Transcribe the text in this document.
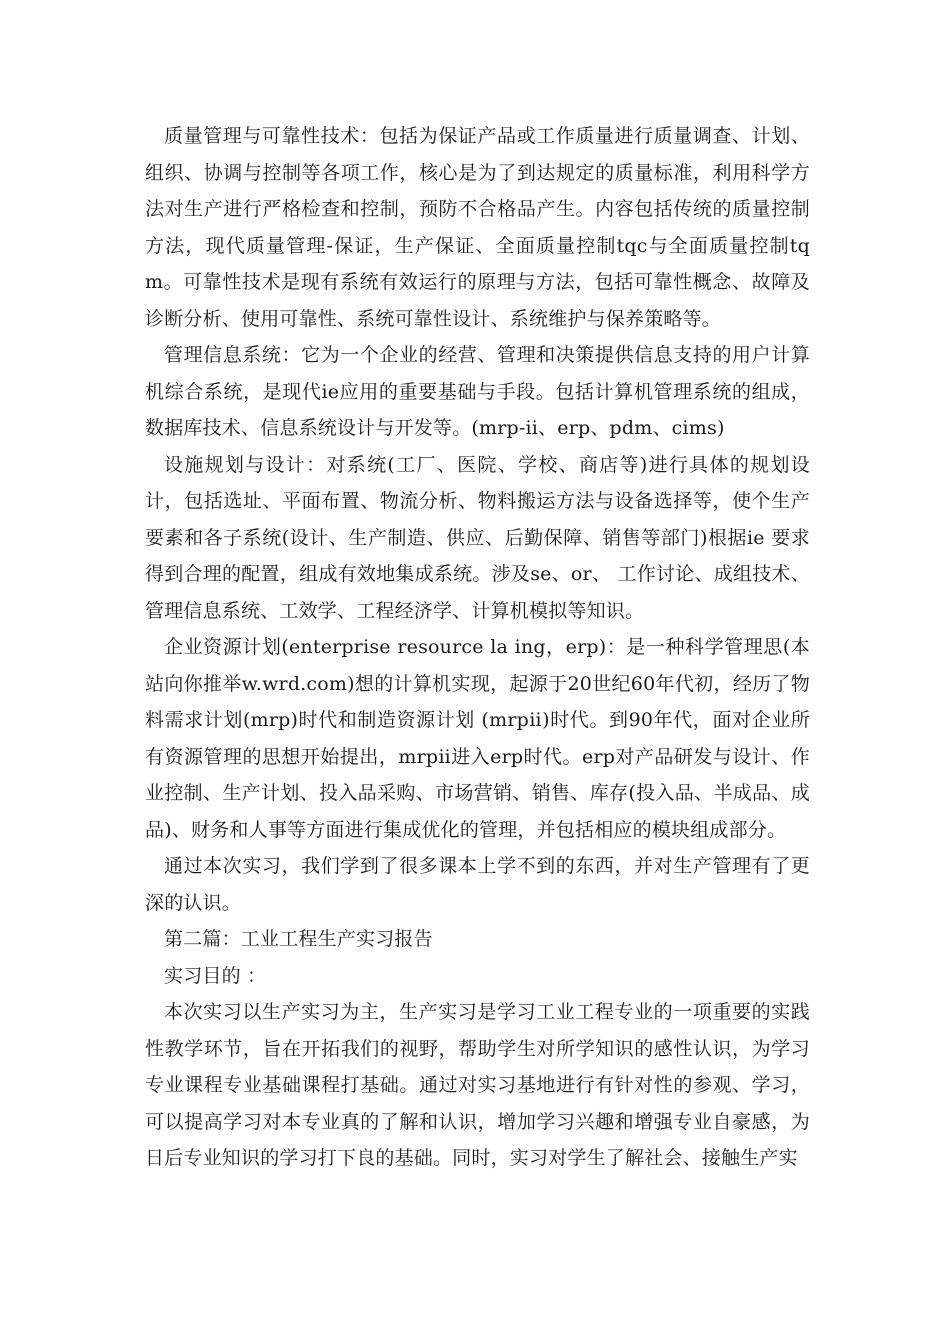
质量管理与可靠性技术：包括为保证产品或工作质量进行质量调查、计划、组织、协调与控制等各项工作，核心是为了到达规定的质量标准，利用科学方法对生产进行严格检查和控制，预防不合格品产生。内容包括传统的质量控制方法，现代质量管理-保证，生产保证、全面质量控制tqc与全面质量控制tqm。可靠性技术是现有系统有效运行的原理与方法，包括可靠性概念、故障及诊断分析、使用可靠性、系统可靠性设计、系统维护与保养策略等。

管理信息系统：它为一个企业的经营、管理和决策提供信息支持的用户计算机综合系统，是现代ie应用的重要基础与手段。包括计算机管理系统的组成，数据库技术、信息系统设计与开发等。(mrp-ii、erp、pdm、cims)

设施规划与设计：对系统(工厂、医院、学校、商店等)进行具体的规划设计，包括选址、平面布置、物流分析、物料搬运方法与设备选择等，使个生产要素和各子系统(设计、生产制造、供应、后勤保障、销售等部门)根据ie 要求得到合理的配置，组成有效地集成系统。涉及se、or、 工作讨论、成组技术、管理信息系统、工效学、工程经济学、计算机模拟等知识。

企业资源计划(enterprise resource la ing，erp)：是一种科学管理思(本站向你推举w.wrd.com)想的计算机实现，起源于20世纪60年代初，经历了物料需求计划(mrp)时代和制造资源计划 (mrpⅱ)时代。到90年代，面对企业所有资源管理的思想开始提出，mrpⅱ进入erp时代。erp对产品研发与设计、作业控制、生产计划、投入品采购、市场营销、销售、库存(投入品、半成品、成品)、财务和人事等方面进行集成优化的管理，并包括相应的模块组成部分。

通过本次实习，我们学到了很多课本上学不到的东西，并对生产管理有了更深的认识。

第二篇：工业工程生产实习报告

实习目的 ：

本次实习以生产实习为主，生产实习是学习工业工程专业的一项重要的实践性教学环节，旨在开拓我们的视野，帮助学生对所学知识的感性认识，为学习专业课程专业基础课程打基础。通过对实习基地进行有针对性的参观、学习，可以提高学习对本专业真的了解和认识，增加学习兴趣和增强专业自豪感，为日后专业知识的学习打下良的基础。同时，实习对学生了解社会、接触生产实
